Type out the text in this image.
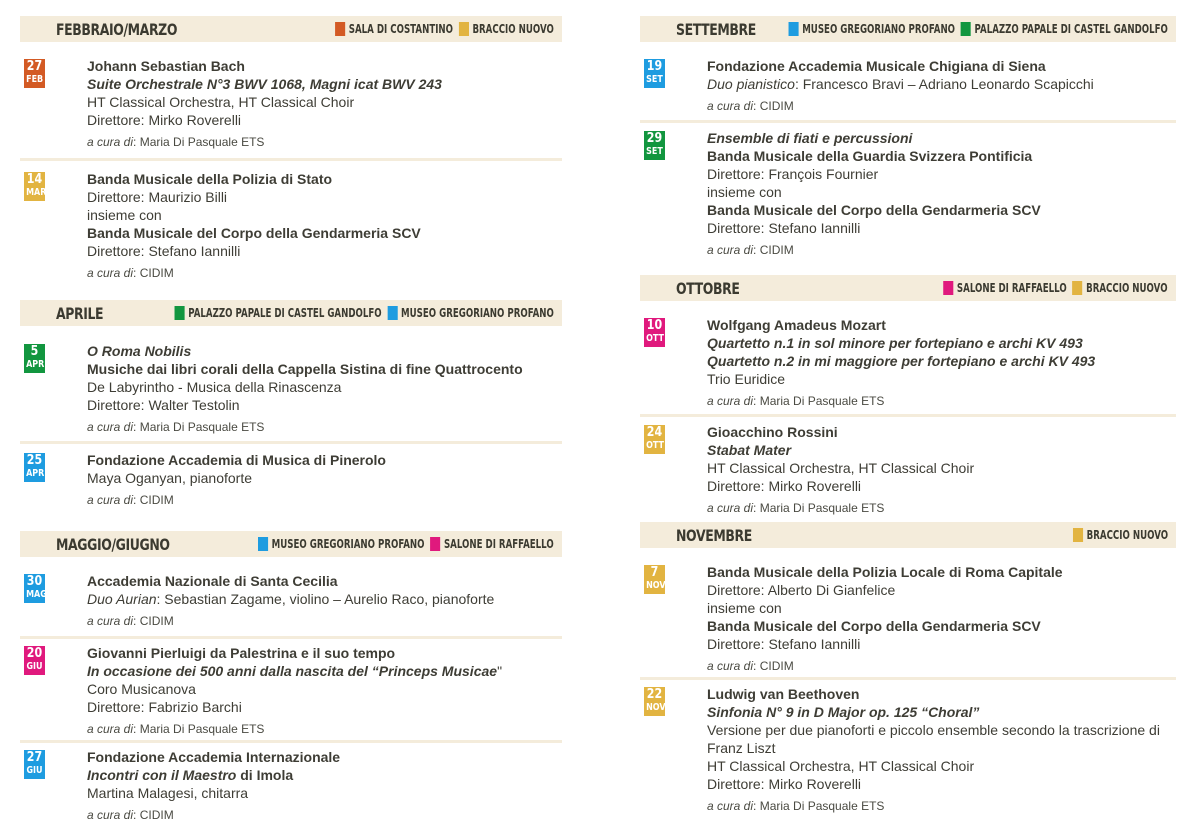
FEBBRAIO/MARZO	SALA DI COSTANTINO BRACCIO NUOVO
27
FEB
Johann Sebastian Bach
Suite Orchestrale N°3 BWV 1068, Magni icat BWV 243
HT Classical Orchestra, HT Classical Choir
Direttore: Mirko Roverelli
a cura di: Maria Di Pasquale ETS
14
MAR
Banda Musicale della Polizia di Stato
Direttore: Maurizio Billi
insieme con
Banda Musicale del Corpo della Gendarmeria SCV
Direttore: Stefano Iannilli
a cura di: CIDIM
APRILE	PALAZZO PAPALE DI CASTEL GANDOLFO MUSEO GREGORIANO PROFANO
5
APR
O Roma Nobilis
Musiche dai libri corali della Cappella Sistina di fine Quattrocento
De Labyrintho - Musica della Rinascenza
Direttore: Walter Testolin
a cura di: Maria Di Pasquale ETS
25
APR
Fondazione Accademia di Musica di Pinerolo
Maya Oganyan, pianoforte
a cura di: CIDIM
MAGGIO/GIUGNO	MUSEO GREGORIANO PROFANO SALONE DI RAFFAELLO
30
MAG
Accademia Nazionale di Santa Cecilia
Duo Aurian: Sebastian Zagame, violino – Aurelio Raco, pianoforte
a cura di: CIDIM
20
GIU
Giovanni Pierluigi da Palestrina e il suo tempo
In occasione dei 500 anni dalla nascita del “Princeps Musicae"
Coro Musicanova
Direttore: Fabrizio Barchi
a cura di: Maria Di Pasquale ETS
27
GIU
Fondazione Accademia Internazionale
Incontri con il Maestro di Imola
Martina Malagesi, chitarra
a cura di: CIDIM
SETTEMBRE	MUSEO GREGORIANO PROFANO PALAZZO PAPALE DI CASTEL GANDOLFO
19
SET
Fondazione Accademia Musicale Chigiana di Siena
Duo pianistico: Francesco Bravi – Adriano Leonardo Scapicchi
a cura di: CIDIM
29
SET
Ensemble di fiati e percussioni
Banda Musicale della Guardia Svizzera Pontificia
Direttore: François Fournier
insieme con
Banda Musicale del Corpo della Gendarmeria SCV
Direttore: Stefano Iannilli
a cura di: CIDIM
OTTOBRE	SALONE DI RAFFAELLO BRACCIO NUOVO
10
OTT
Wolfgang Amadeus Mozart
Quartetto n.1 in sol minore per fortepiano e archi KV 493
Quartetto n.2 in mi maggiore per fortepiano e archi KV 493
Trio Euridice
a cura di: Maria Di Pasquale ETS
24
OTT
Gioacchino Rossini
Stabat Mater
HT Classical Orchestra, HT Classical Choir
Direttore: Mirko Roverelli
a cura di: Maria Di Pasquale ETS
NOVEMBRE	BRACCIO NUOVO
7
NOV
Banda Musicale della Polizia Locale di Roma Capitale
Direttore: Alberto Di Gianfelice
insieme con
Banda Musicale del Corpo della Gendarmeria SCV
Direttore: Stefano Iannilli
a cura di: CIDIM
22
NOV
Ludwig van Beethoven
Sinfonia N° 9 in D Major op. 125 “Choral”
Versione per due pianoforti e piccolo ensemble secondo la trascrizione di Franz Liszt
HT Classical Orchestra, HT Classical Choir
Direttore: Mirko Roverelli
a cura di: Maria Di Pasquale ETS
